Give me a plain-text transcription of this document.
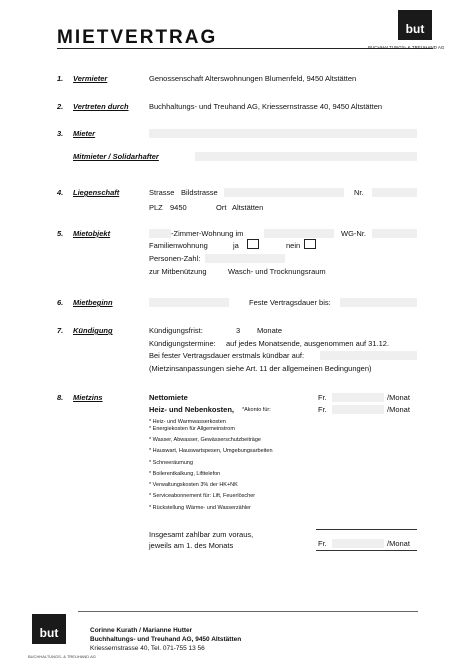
MIETVERTRAG	but
BUCHHALTUNGS- & TREUHAND AG
1. Vermieter	Genossenschaft Alterswohnungen Blumenfeld, 9450 Altstätten
2. Vertreten durch	Buchhaltungs- und Treuhand AG, Kriessernstrasse 40, 9450 Altstätten
3. Mieter
Mitmieter / Solidarhafter
4. Liegenschaft	Strasse Bildstrasse	Nr.
PLZ 9450	Ort Altstätten
5. Mietobjekt	-Zimmer-Wohnung im	WG-Nr.
Familienwohnung	ja	nein
Personen-Zahl:
zur Mitbenützung	Wasch- und Trocknungsraum
6. Mietbeginn	Feste Vertragsdauer bis:
7. Kündigung	Kündigungsfrist:	3 Monate
Kündigungstermine: auf jedes Monatsende, ausgenommen auf 31.12.
Bei fester Vertragsdauer erstmals kündbar auf:
(Mietzinsanpassungen siehe Art. 11 der allgemeinen Bedingungen)
8. Mietzins	Nettomiete	Fr.	/Monat
Heiz- und Nebenkosten, *Akonto für:	Fr.	/Monat
* Heiz- und Warmwasserkosten
* Energiekosten für Allgemeinstrom
* Wasser, Abwasser, Gewässerschutzbeiträge
* Hauswart, Hauswartspesen, Umgebungsarbeiten
* Schneeräumung
* Boilerentkalkung, Lifttelefon
* Verwaltungskosten 3% der HK+NK
* Serviceabonnement für: Lift, Feuerlöscher
* Rückstellung Wärme- und Wasserzähler
Insgesamt zahlbar zum voraus,
jeweils am 1. des Monats	Fr.	/Monat
but
BUCHHALTUNGS- & TREUHAND AG
Corinne Kurath / Marianne Hutter
Buchhaltungs- und Treuhand AG, 9450 Altstätten
Kriessernstrasse 40, Tel. 071-755 13 56
